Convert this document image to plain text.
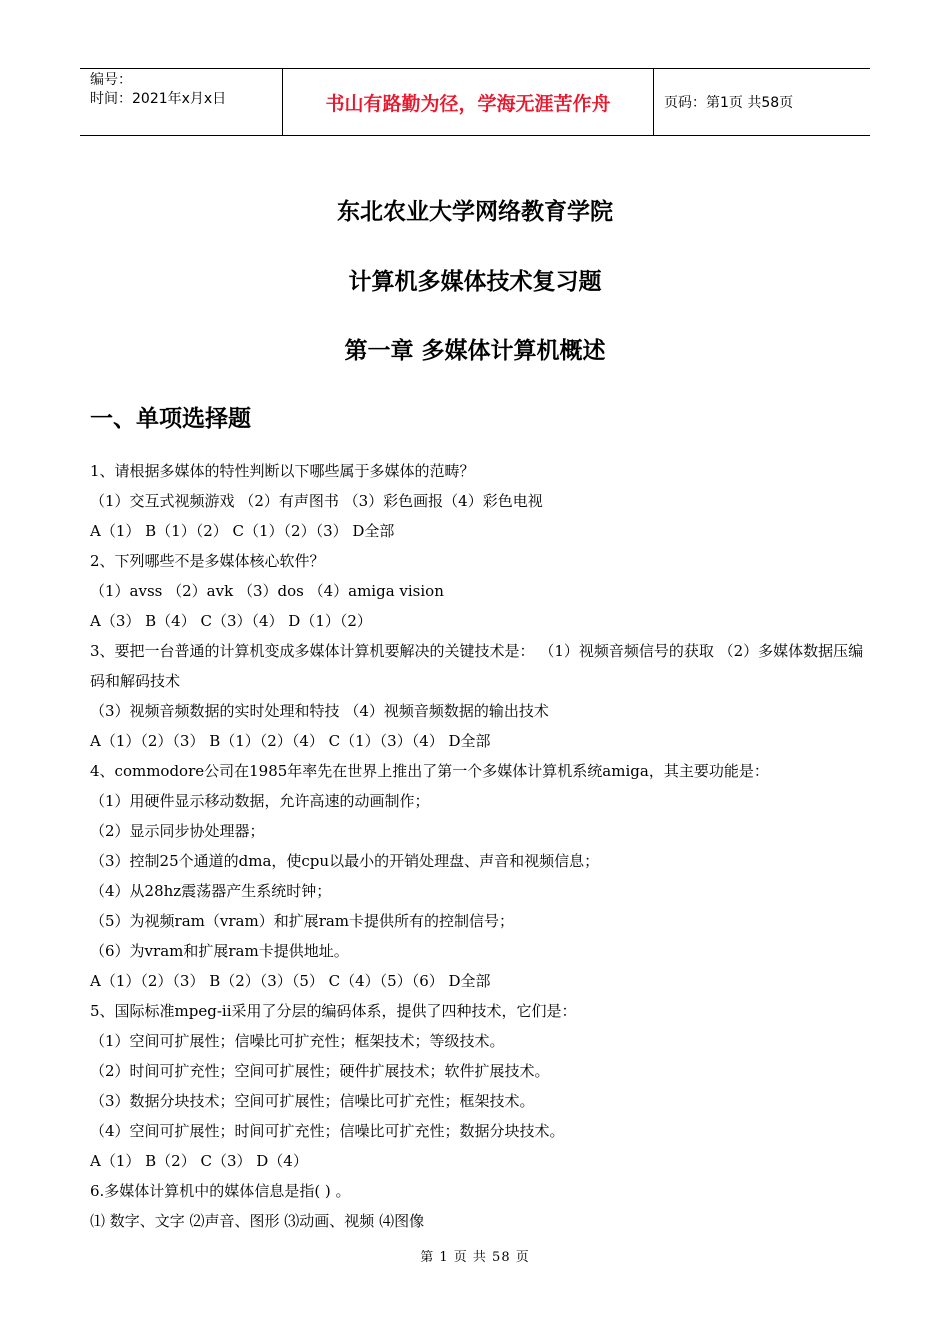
编号：
时间：2021年x月x日	书山有路勤为径，学海无涯苦作舟	页码：第1页 共58页
东北农业大学网络教育学院
计算机多媒体技术复习题
第一章 多媒体计算机概述
一、单项选择题
1、请根据多媒体的特性判断以下哪些属于多媒体的范畴？
（1）交互式视频游戏 （2）有声图书 （3）彩色画报（4）彩色电视
A（1） B（1）（2） C（1）（2）（3） D全部
2、下列哪些不是多媒体核心软件？
（1）avss （2）avk （3）dos （4）amiga vision
A（3） B（4） C（3）（4） D（1）（2）
3、要把一台普通的计算机变成多媒体计算机要解决的关键技术是： （1）视频音频信号的获取 （2）多媒体数据压编码和解码技术
（3）视频音频数据的实时处理和特技 （4）视频音频数据的输出技术
A（1）（2）（3） B（1）（2）（4） C（1）（3）（4） D全部
4、commodore公司在1985年率先在世界上推出了第一个多媒体计算机系统amiga，其主要功能是：
（1）用硬件显示移动数据，允许高速的动画制作；
（2）显示同步协处理器；
（3）控制25个通道的dma，使cpu以最小的开销处理盘、声音和视频信息；
（4）从28hz震荡器产生系统时钟；
（5）为视频ram（vram）和扩展ram卡提供所有的控制信号；
（6）为vram和扩展ram卡提供地址。
A（1）（2）（3） B（2）（3）（5） C（4）（5）（6） D全部
5、国际标准mpeg-ii采用了分层的编码体系，提供了四种技术，它们是：
（1）空间可扩展性；信噪比可扩充性；框架技术；等级技术。
（2）时间可扩充性；空间可扩展性；硬件扩展技术；软件扩展技术。
（3）数据分块技术；空间可扩展性；信噪比可扩充性；框架技术。
（4）空间可扩展性；时间可扩充性；信噪比可扩充性；数据分块技术。
A（1） B（2） C（3） D（4）
6.多媒体计算机中的媒体信息是指( ) 。
⑴ 数字、文字 ⑵声音、图形 ⑶动画、视频 ⑷图像
第 1 页 共 58 页
